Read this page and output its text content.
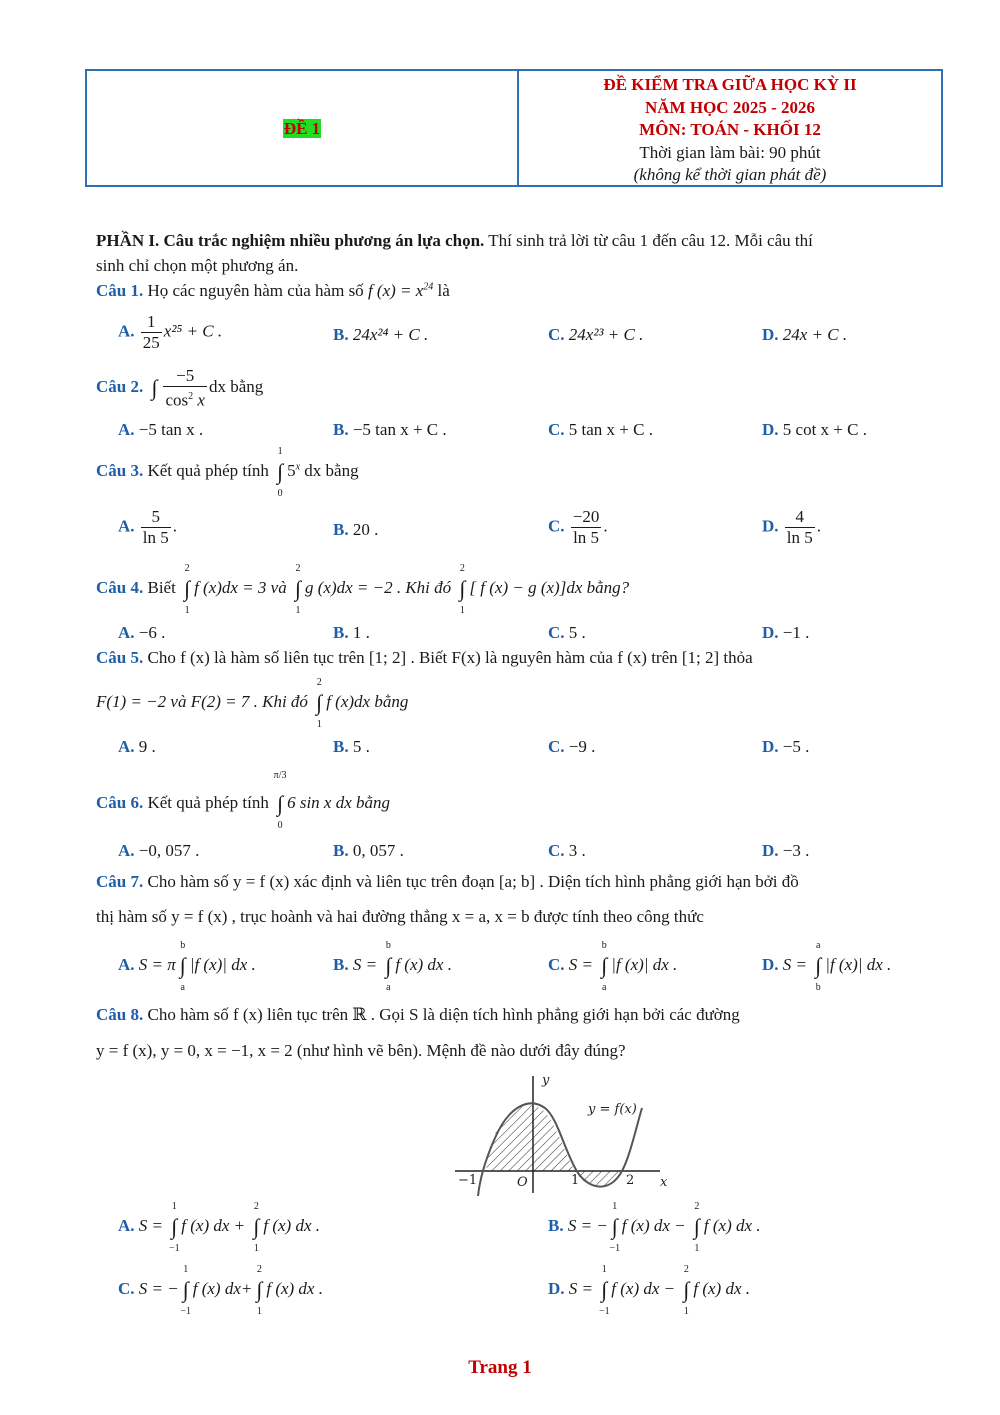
ĐỀ 1
ĐỀ KIỂM TRA GIỮA HỌC KỲ II
NĂM HỌC 2025 - 2026
MÔN: TOÁN - KHỐI 12
Thời gian làm bài: 90 phút
(không kể thời gian phát đề)
PHẦN I. Câu trắc nghiệm nhiều phương án lựa chọn. Thí sinh trả lời từ câu 1 đến câu 12. Mỗi câu thí
sinh chỉ chọn một phương án.
Câu 1. Họ các nguyên hàm của hàm số f $(x) = x^{24}$ là
A. $\frac{1}{25} x^{25} + C$ .	B. 24x²⁴ + C .	C. 24x²³ + C .	D. 24x + C .
Câu 2. ∫ $\frac{-5}{\cos^2 x}$ dx bằng
A. −5 tan x .	B. −5 tan x + C .	C. 5 tan x + C .	D. 5 cot x + C .
Câu 3. Kết quả phép tính ∫
1
0
5$^x$ dx bằng
A. $\frac{5}{\ln 5}$ .	B. 20 .	C. $\frac{-20}{\ln 5}$ .	D. $\frac{4}{\ln 5}$ .
Câu 4. Biết ∫
2
1
f (x)dx = 3 và ∫
2
1
g (x)dx = −2 . Khi đó ∫
2
1
[ f (x) − g (x)]dx bằng?
A. −6 .	B. 1 .	C. 5 .	D. −1 .
Câu 5. Cho f (x) là hàm số liên tục trên [1; 2] . Biết F(x) là nguyên hàm của f (x) trên [1; 2] thỏa
F(1) = −2 và F(2) = 7 . Khi đó ∫
2
1
f (x)dx bằng
A. 9 .	B. 5 .	C. −9 .	D. −5 .
Câu 6. Kết quả phép tính ∫
π/3
0
6 sin x dx bằng
A. −0, 057 .	B. 0, 057 .	C. 3 .	D. −3 .
Câu 7. Cho hàm số y = f (x) xác định và liên tục trên đoạn [a; b] . Diện tích hình phẳng giới hạn bởi đồ
thị hàm số y = f (x) , trục hoành và hai đường thẳng x = a, x = b được tính theo công thức
A. S = π ∫
b
a
|f (x)| dx .	B. S = ∫
b
a
f (x) dx .	C. S = ∫
b
a
|f (x)| dx .	D. S = ∫
a
b
|f (x)| dx .
Câu 8. Cho hàm số f (x) liên tục trên ℝ . Gọi S là diện tích hình phẳng giới hạn bởi các đường
y = f (x), y = 0, x = −1, x = 2 (như hình vẽ bên). Mệnh đề nào dưới đây đúng?
y
x
y = f(x)
O
−1	1	2
A. S = ∫
1
−1
f (x) dx + ∫
2
1
f (x) dx .	B. S = − ∫
1
−1
f (x) dx − ∫
2
1
f (x) dx .
C. S = − ∫
1
−1
f (x) dx+ ∫
2
1
f (x) dx .	D. S = ∫
1
−1
f (x) dx − ∫
2
1
f (x) dx .
Trang 1
